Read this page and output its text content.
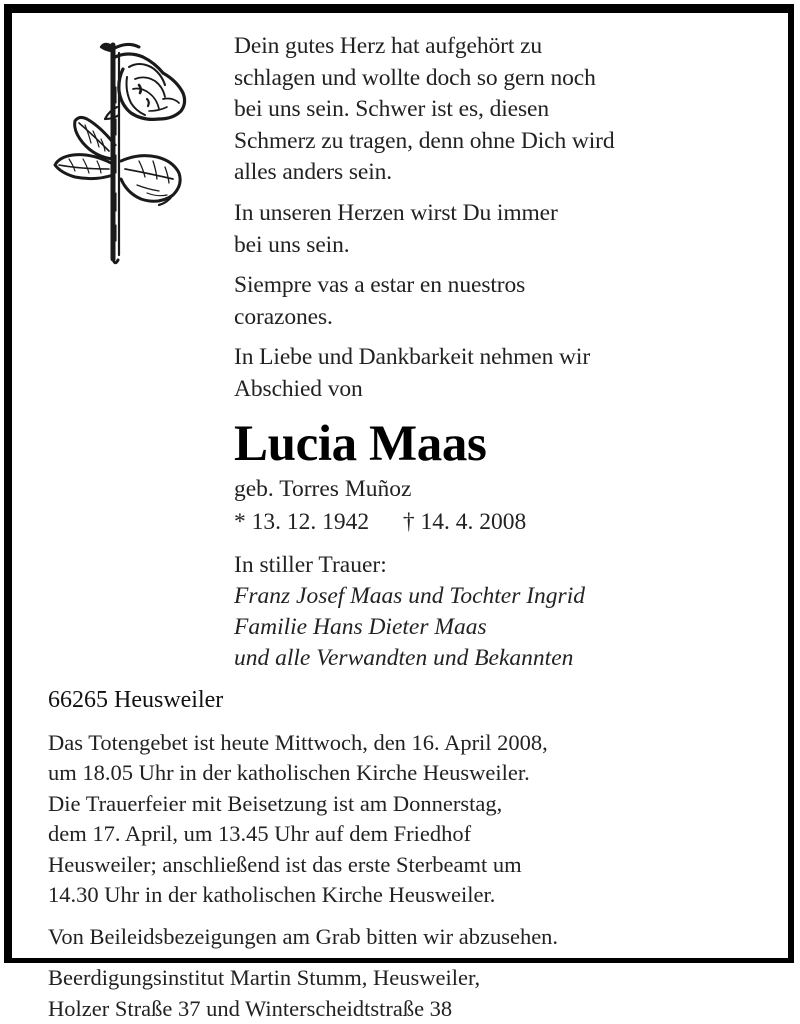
Dein gutes Herz hat aufgehört zu
schlagen und wollte doch so gern noch
bei uns sein. Schwer ist es, diesen
Schmerz zu tragen, denn ohne Dich wird
alles anders sein.
In unseren Herzen wirst Du immer
bei uns sein.
Siempre vas a estar en nuestros
corazones.
In Liebe und Dankbarkeit nehmen wir
Abschied von
Lucia Maas
geb. Torres Muñoz
* 13. 12. 1942 † 14. 4. 2008
In stiller Trauer:
Franz Josef Maas und Tochter Ingrid
Familie Hans Dieter Maas
und alle Verwandten und Bekannten
66265 Heusweiler
Das Totengebet ist heute Mittwoch, den 16. April 2008,
um 18.05 Uhr in der katholischen Kirche Heusweiler.
Die Trauerfeier mit Beisetzung ist am Donnerstag,
dem 17. April, um 13.45 Uhr auf dem Friedhof
Heusweiler; anschließend ist das erste Sterbeamt um
14.30 Uhr in der katholischen Kirche Heusweiler.
Von Beileidsbezeigungen am Grab bitten wir abzusehen.
Beerdigungsinstitut Martin Stumm, Heusweiler,
Holzer Straße 37 und Winterscheidtstraße 38
